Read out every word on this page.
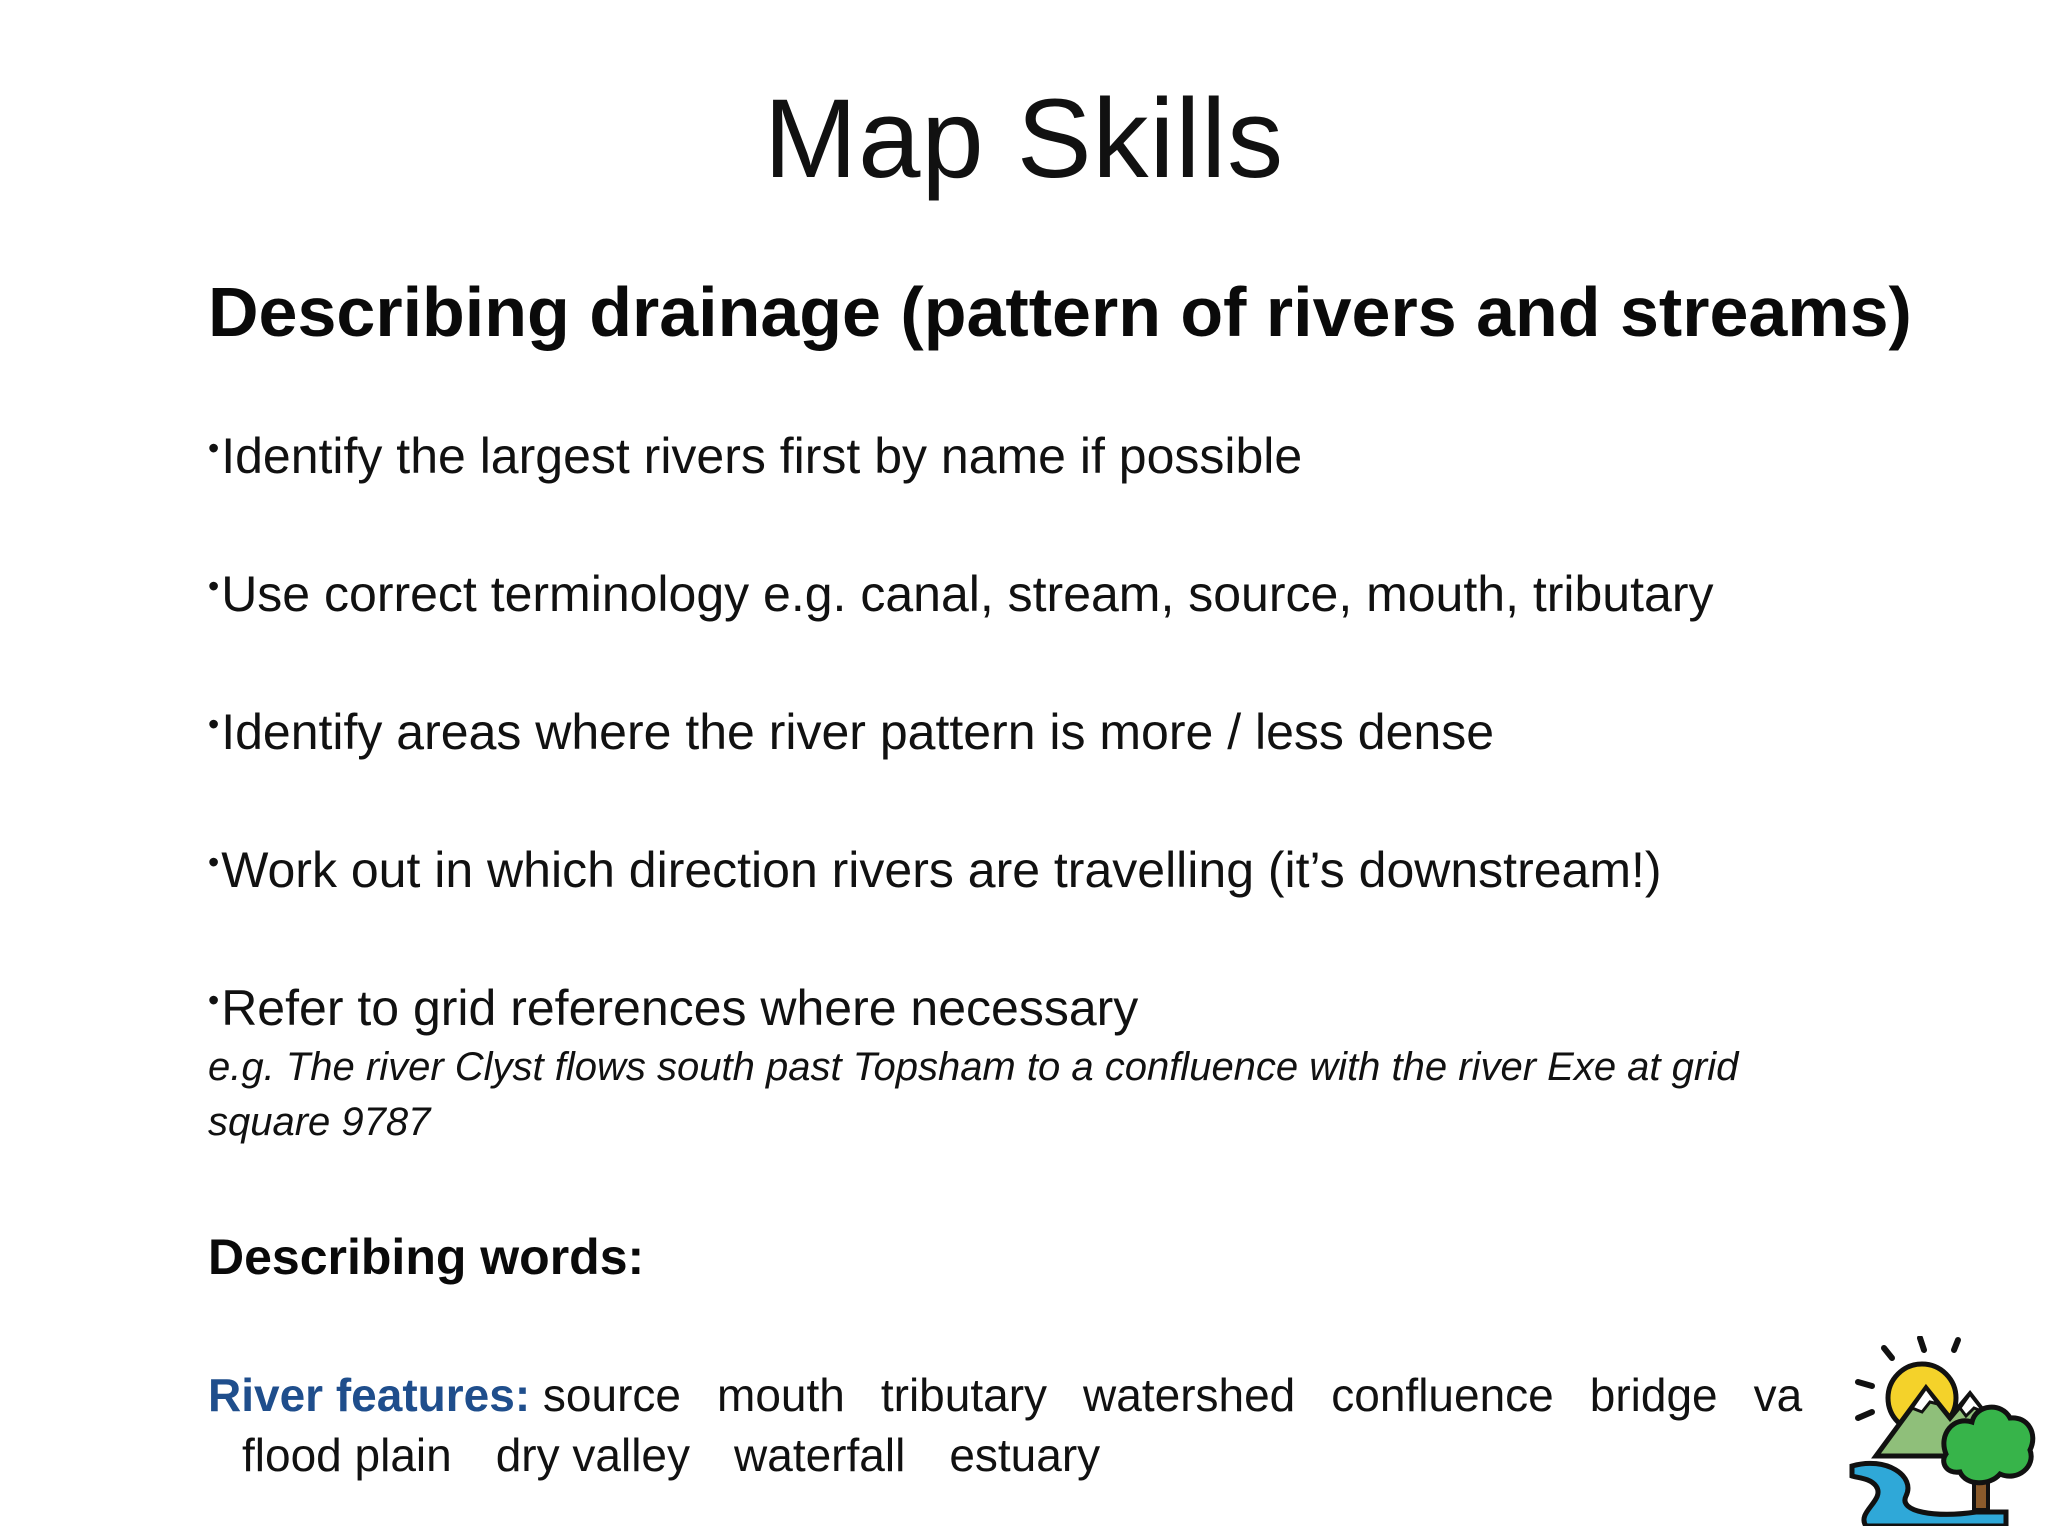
Map Skills
Describing drainage (pattern of rivers and streams)
•Identify the largest rivers first by name if possible
•Use correct terminology e.g. canal, stream, source, mouth, tributary
•Identify areas where the river pattern is more / less dense
•Work out in which direction rivers are travelling (it’s downstream!)
•Refer to grid references where necessary
e.g. The river Clyst flows south past Topsham to a confluence with the river Exe at grid square 9787
Describing words:
River features: source mouth tributary watershed confluence bridge va
flood plain dry valley waterfall estuary
